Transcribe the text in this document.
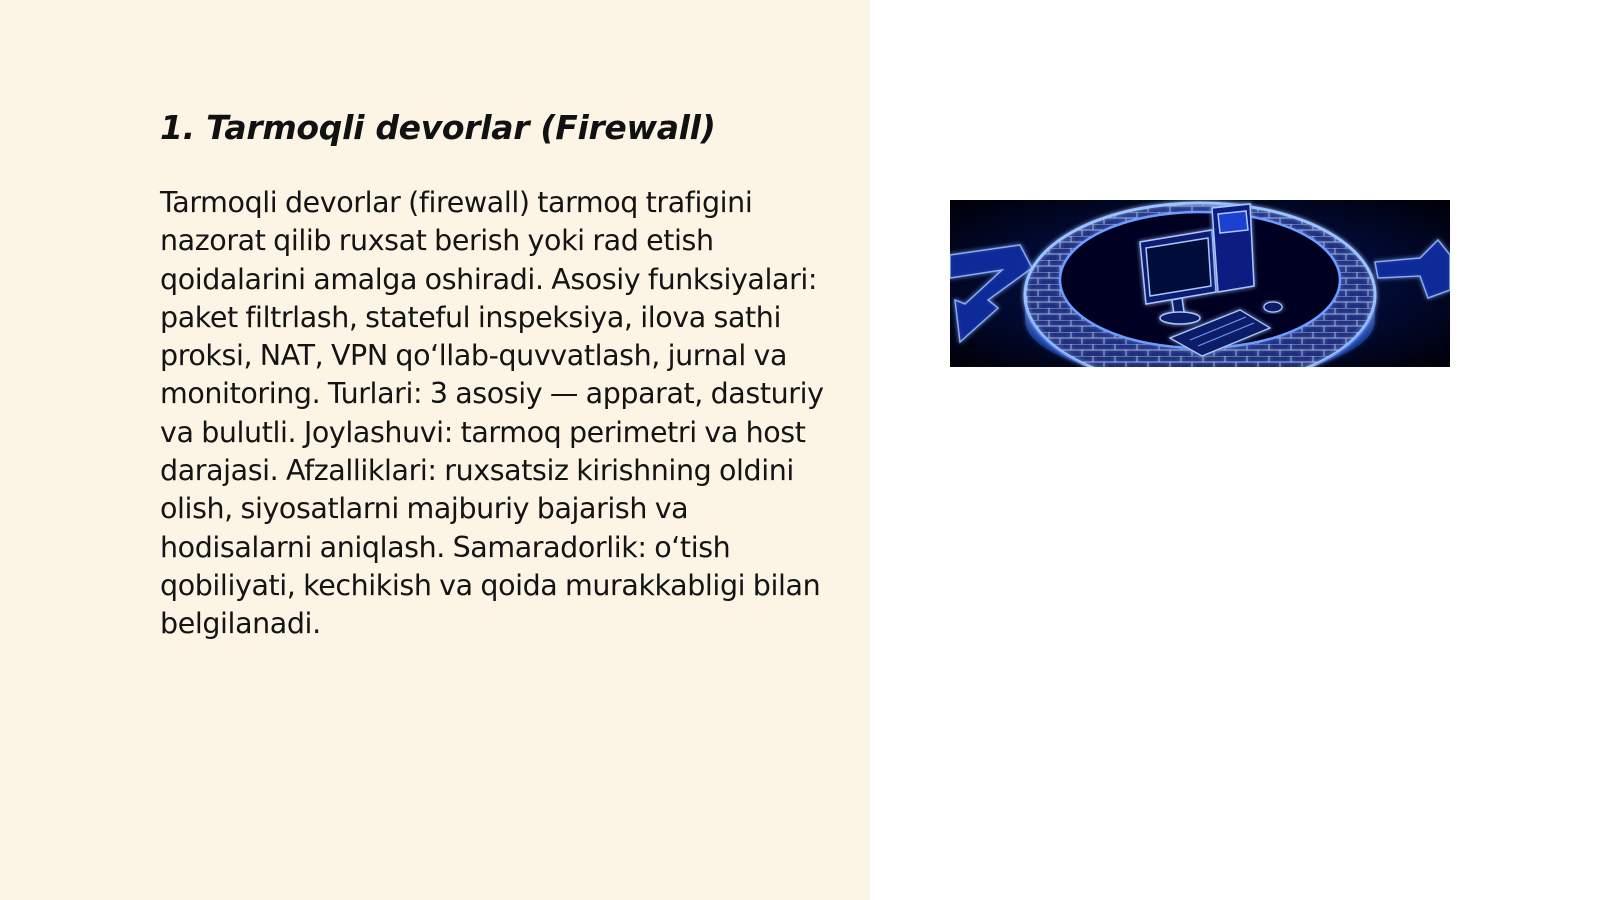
1. Tarmoqli devorlar (Firewall)

Tarmoqli devorlar (firewall) tarmoq trafigini nazorat qilib ruxsat berish yoki rad etish qoidalarini amalga oshiradi. Asosiy funksiyalari: paket filtrlash, stateful inspeksiya, ilova sathi proksi, NAT, VPN qo‘llab-quvvatlash, jurnal va monitoring. Turlari: 3 asosiy — apparat, dasturiy va bulutli. Joylashuvi: tarmoq perimetri va host darajasi. Afzalliklari: ruxsatsiz kirishning oldini olish, siyosatlarni majburiy bajarish va hodisalarni aniqlash. Samaradorlik: o‘tish qobiliyati, kechikish va qoida murakkabligi bilan belgilanadi.
